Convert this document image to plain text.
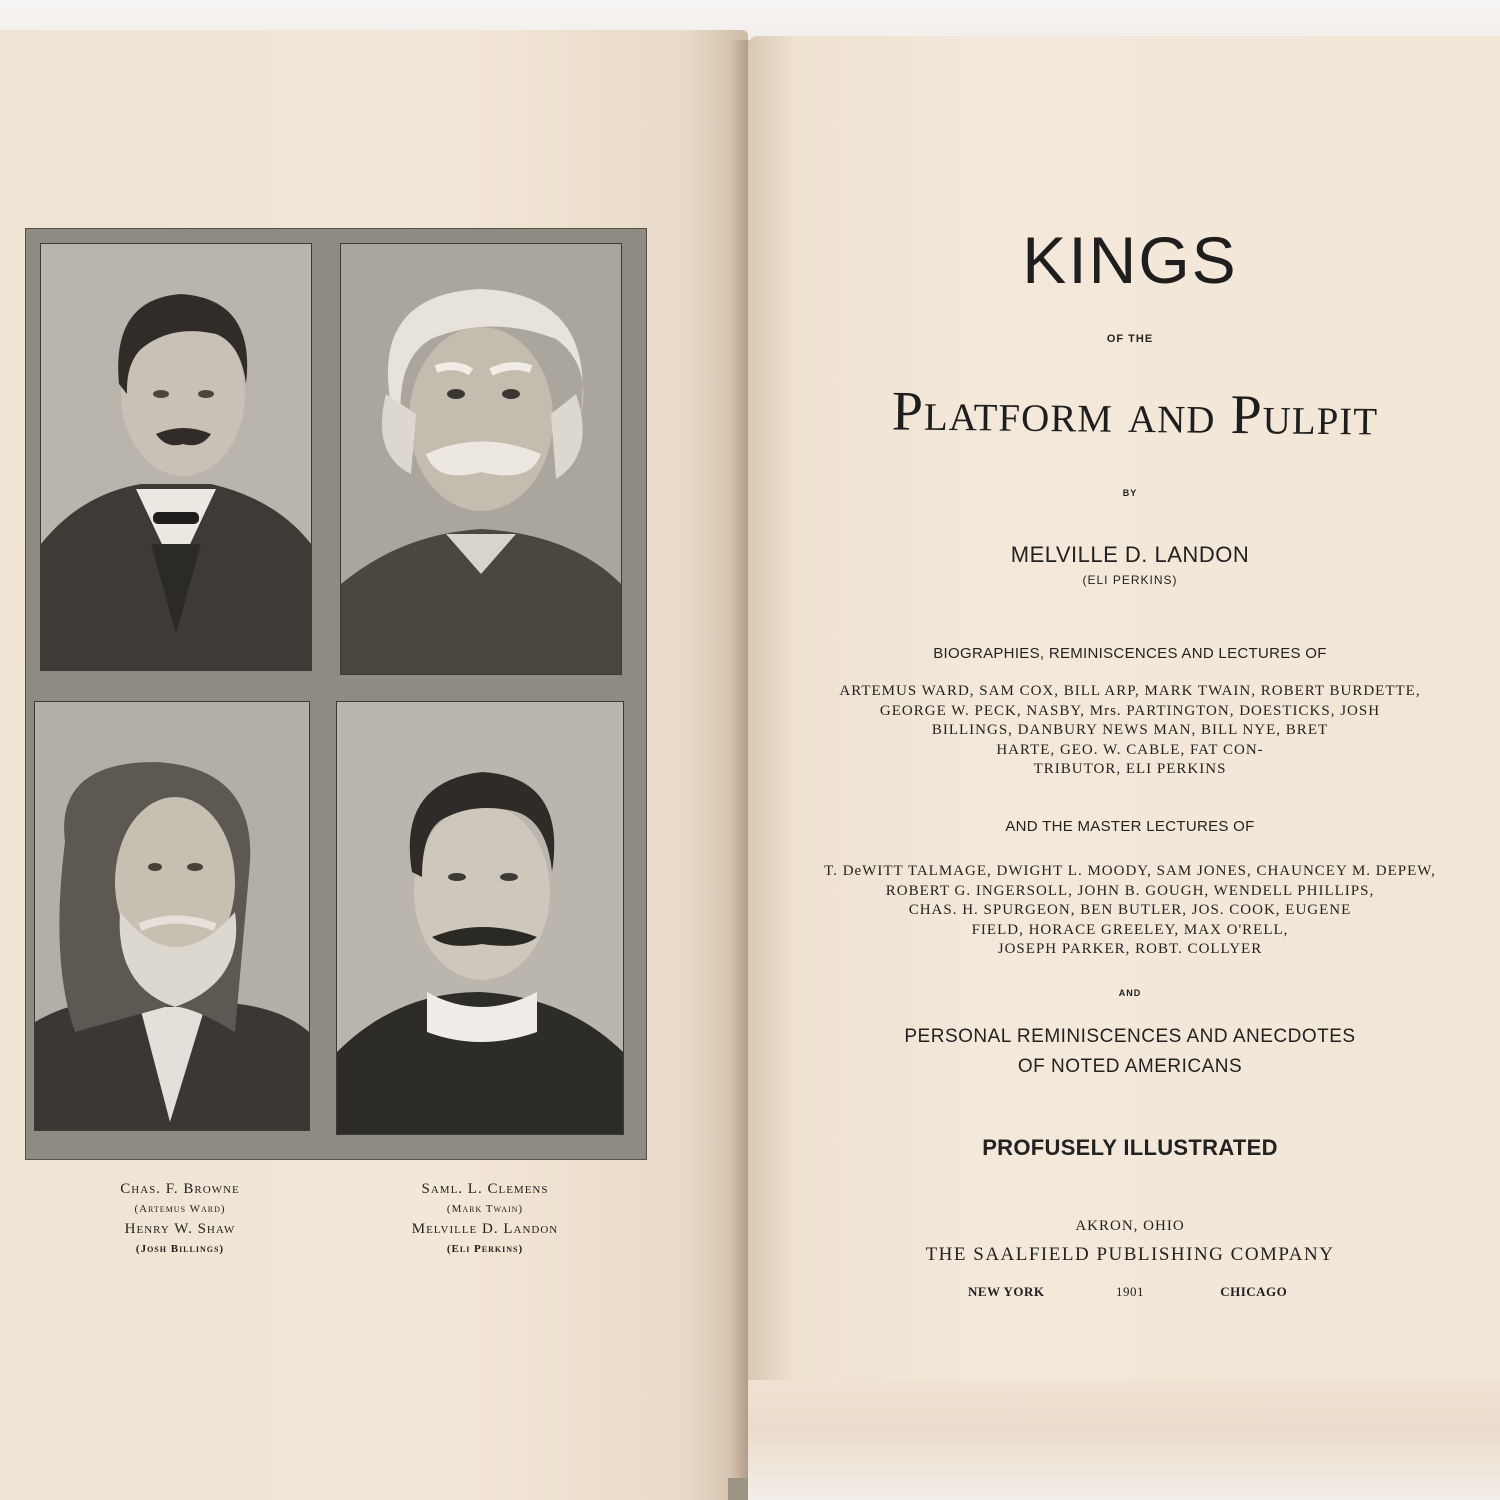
Chas. F. Browne
(Artemus Ward)
Henry W. Shaw
(Josh Billings)
Saml. L. Clemens
(Mark Twain)
Melville D. Landon
(Eli Perkins)
KINGS
OF THE
Platform and Pulpit
BY
MELVILLE D. LANDON
(ELI PERKINS)
BIOGRAPHIES, REMINISCENCES AND LECTURES OF
ARTEMUS WARD, SAM COX, BILL ARP, MARK TWAIN, ROBERT BURDETTE,
GEORGE W. PECK, NASBY, Mrs. PARTINGTON, DOESTICKS, JOSH
BILLINGS, DANBURY NEWS MAN, BILL NYE, BRET
HARTE, GEO. W. CABLE, FAT CON-
TRIBUTOR, ELI PERKINS
AND THE MASTER LECTURES OF
T. DeWITT TALMAGE, DWIGHT L. MOODY, SAM JONES, CHAUNCEY M. DEPEW,
ROBERT G. INGERSOLL, JOHN B. GOUGH, WENDELL PHILLIPS,
CHAS. H. SPURGEON, BEN BUTLER, JOS. COOK, EUGENE
FIELD, HORACE GREELEY, MAX O'RELL,
JOSEPH PARKER, ROBT. COLLYER
AND
PERSONAL REMINISCENCES AND ANECDOTES
OF NOTED AMERICANS
PROFUSELY ILLUSTRATED
AKRON, OHIO
THE SAALFIELD PUBLISHING COMPANY
NEW YORK	1901	CHICAGO
